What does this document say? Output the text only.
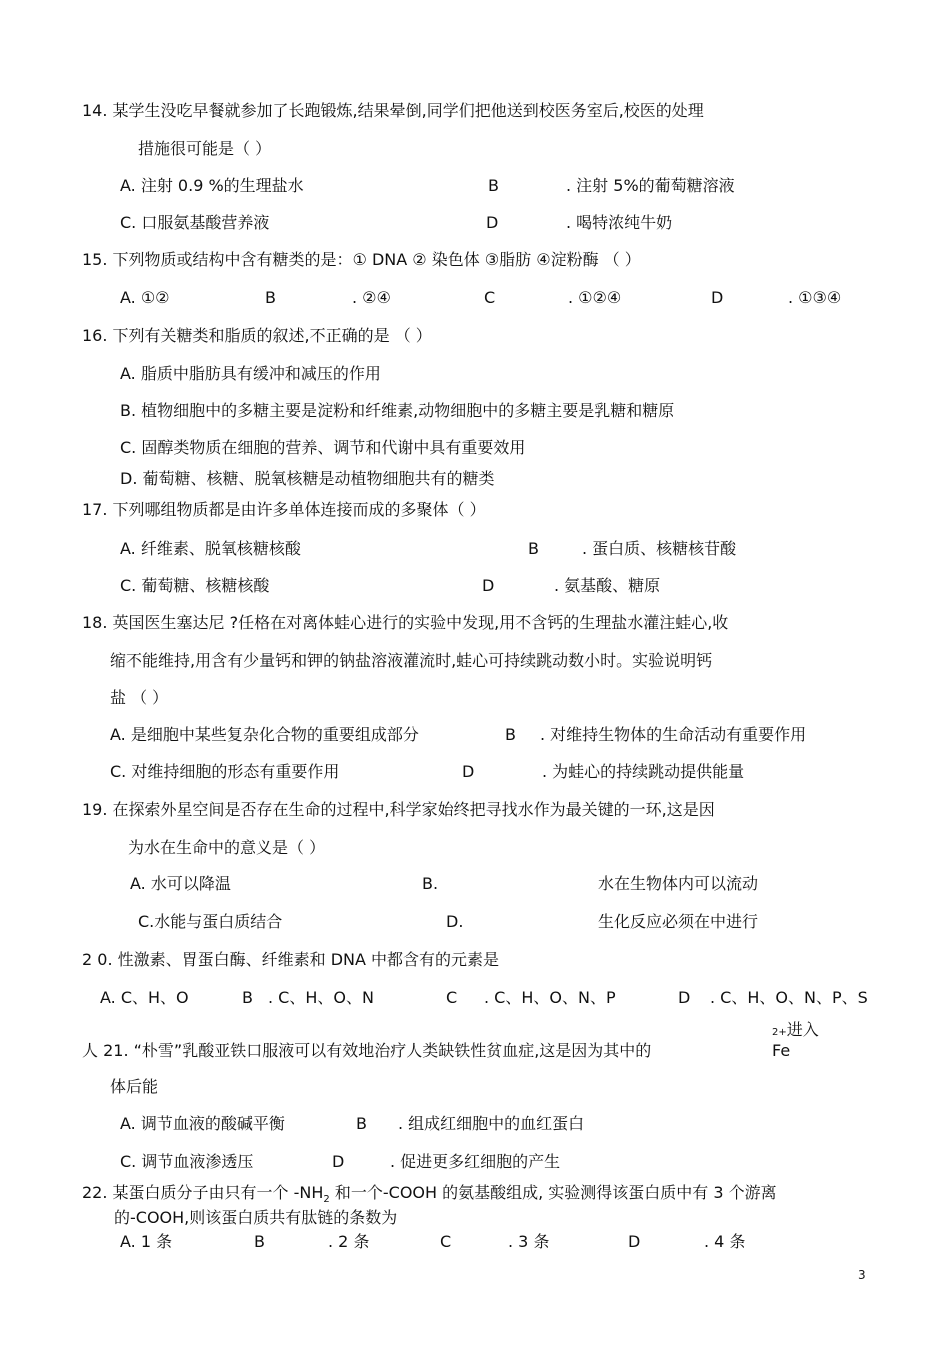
14. 某学生没吃早餐就参加了长跑锻炼,结果晕倒,同学们把他送到校医务室后,校医的处理
措施很可能是（ ）
A. 注射 0.9 %的生理盐水	B	. 注射 5%的葡萄糖溶液
C. 口服氨基酸营养液	D	. 喝特浓纯牛奶
15. 下列物质或结构中含有糖类的是：① DNA ② 染色体 ③脂肪 ④淀粉酶 （ ）
A. ①②	B	. ②④	C	. ①②④	D	. ①③④
16. 下列有关糖类和脂质的叙述,不正确的是 （ ）
A. 脂质中脂肪具有缓冲和减压的作用
B. 植物细胞中的多糖主要是淀粉和纤维素,动物细胞中的多糖主要是乳糖和糖原
C. 固醇类物质在细胞的营养、调节和代谢中具有重要效用
D. 葡萄糖、核糖、脱氧核糖是动植物细胞共有的糖类
17. 下列哪组物质都是由许多单体连接而成的多聚体（ ）
A. 纤维素、脱氧核糖核酸	B	. 蛋白质、核糖核苷酸
C. 葡萄糖、核糖核酸	D	. 氨基酸、糖原
18. 英国医生塞达尼 ?任格在对离体蛙心进行的实验中发现,用不含钙的生理盐水灌注蛙心,收
缩不能维持,用含有少量钙和钾的钠盐溶液灌流时,蛙心可持续跳动数小时。实验说明钙
盐 （ ）
A. 是细胞中某些复杂化合物的重要组成部分	B . 对维持生物体的生命活动有重要作用
C. 对维持细胞的形态有重要作用	D	. 为蛙心的持续跳动提供能量
19. 在探索外星空间是否存在生命的过程中,科学家始终把寻找水作为最关键的一环,这是因
为水在生命中的意义是（ ）
A. 水可以降温	B.	水在生物体内可以流动
C.水能与蛋白质结合	D.	生化反应必须在中进行
2 0. 性激素、胃蛋白酶、纤维素和 DNA 中都含有的元素是
A. C、H、O	B . C、H、O、N	C . C、H、O、N、P	D . C、H、O、N、P、S
2+进入
人 21. “朴雪”乳酸亚铁口服液可以有效地治疗人类缺铁性贫血症,这是因为其中的	Fe
体后能
A. 调节血液的酸碱平衡	B . 组成红细胞中的血红蛋白
C. 调节血液渗透压	D	. 促进更多红细胞的产生
22. 某蛋白质分子由只有一个 $-NH_2$ 和一个-COOH 的氨基酸组成, 实验测得该蛋白质中有 3 个游离
的-COOH,则该蛋白质共有肽链的条数为
A. 1 条	B	. 2 条	C	. 3 条	D	. 4 条
3
